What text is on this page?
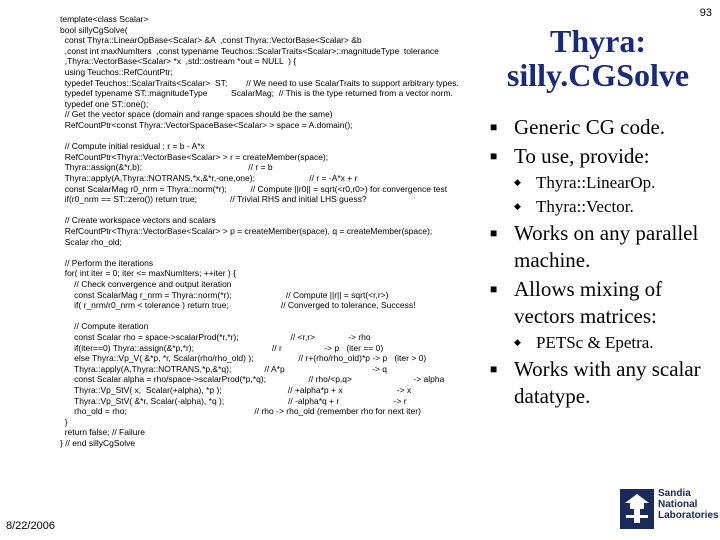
93
template<class Scalar>
bool sillyCgSolve(
const Thyra::LinearOpBase<Scalar> &A  ,const Thyra::VectorBase<Scalar> &b
,const int maxNumIters  ,const typename Teuchos::ScalarTraits<Scalar>::magnitudeType  tolerance
,Thyra::VectorBase<Scalar> *x  ,std::ostream *out = NULL  ) {
using Teuchos::RefCountPtr;
typedef Teuchos::ScalarTraits<Scalar>  ST;        // We need to use ScalarTraits to support arbitrary types.
typedef typename ST::magnitudeType          ScalarMag;  // This is the type returned from a vector norm.
typedef one ST::one();
// Get the vector space (domain and range spaces should be the same)
RefCountPtr<const Thyra::VectorSpaceBase<Scalar> > space = A.domain();
// Compute initial residual : r = b - A*x
RefCountPtr<Thyra::VectorBase<Scalar> > r = createMember(space);
Thyra::assign(&*r,b);                                             // r = b
Thyra::apply(A,Thyra::NOTRANS,*x,&*r,-one,one);                       // r = -A*x + r
const ScalarMag r0_nrm = Thyra::norm(*r);          // Compute ||r0|| = sqrt(<r0,r0>) for convergence test
if(r0_nrm == ST::zero()) return true;              // Trivial RHS and initial LHS guess?
// Create workspace vectors and scalars
RefCountPtr<Thyra::VectorBase<Scalar> > p = createMember(space), q = createMember(space);
Scalar rho_old;
// Perform the iterations
for( int iter = 0; iter <= maxNumIters; ++iter ) {
// Check convergence and output iteration
const ScalarMag r_nrm = Thyra::norm(*r);                       // Compute ||r|| = sqrt(<r,r>)
if( r_nrm/r0_nrm < tolerance ) return true;                      // Converged to tolerance, Success!
// Compute iteration
const Scalar rho = space->scalarProd(*r,*r);                      // <r,r>              -> rho
if(iter==0) Thyra::assign(&*p,*r);                                 // r                  -> p   (iter == 0)
else Thyra::Vp_V( &*p, *r, Scalar(rho/rho_old) );                   // r+(rho/rho_old)*p -> p   (iter > 0)
Thyra::apply(A,Thyra::NOTRANS,*p,&*q);              // A*p                                     -> q
const Scalar alpha = rho/space->scalarProd(*p,*q);                  // rho/<p,q>                          -> alpha
Thyra::Vp_StV( x,  Scalar(+alpha), *p );                            // +alpha*p + x                       -> x
Thyra::Vp_StV( &*r, Scalar(-alpha), *q );                           // -alpha*q + r                       -> r
rho_old = rho;                                                      // rho -> rho_old (remember rho for next iter)
}
return false; // Failure
} // end sillyCgSolve
Thyra:
silly.CGSolve
■ Generic CG code.
■ To use, provide:
◆ Thyra::LinearOp.
◆ Thyra::Vector.
■ Works on any parallel machine.
■ Allows mixing of vectors matrices:
◆ PETSc & Epetra.
■ Works with any scalar datatype.
8/22/2006
Sandia
National
Laboratories
